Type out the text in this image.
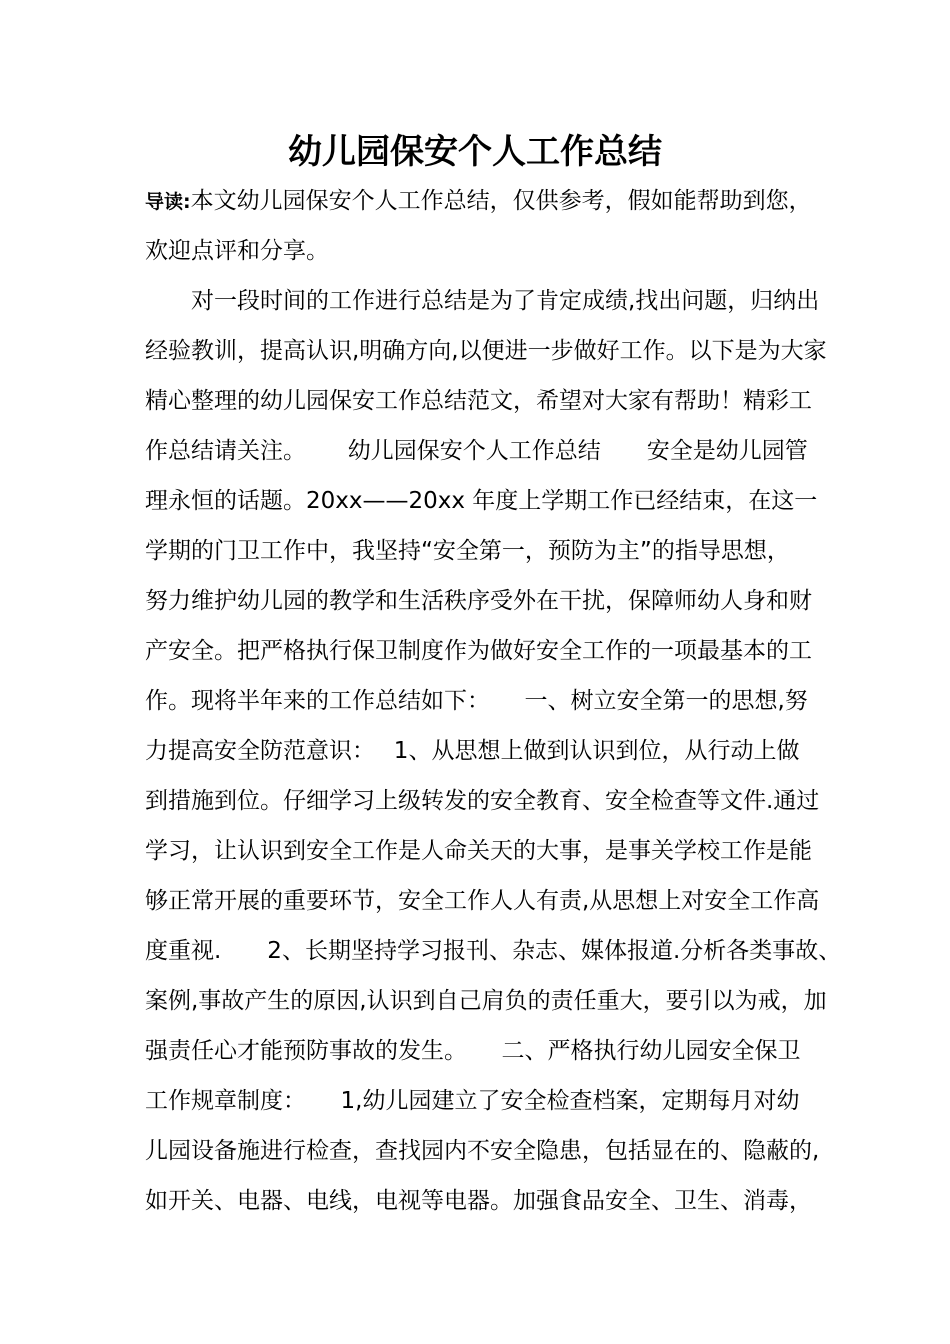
幼儿园保安个人工作总结

导读:本文幼儿园保安个人工作总结，仅供参考，假如能帮助到您，

欢迎点评和分享。

　　对一段时间的工作进行总结是为了肯定成绩,找出问题，归纳出

经验教训，提高认识,明确方向,以便进一步做好工作。以下是为大家

精心整理的幼儿园保安工作总结范文，希望对大家有帮助！精彩工

作总结请关注。　　 幼儿园保安个人工作总结　　安全是幼儿园管

理永恒的话题。20xx——20xx 年度上学期工作已经结束，在这一

学期的门卫工作中，我坚持“安全第一，预防为主”的指导思想，

努力维护幼儿园的教学和生活秩序受外在干扰，保障师幼人身和财

产安全。把严格执行保卫制度作为做好安全工作的一项最基本的工

作。现将半年来的工作总结如下：　　一、树立安全第一的思想,努

力提高安全防范意识：　 1、从思想上做到认识到位，从行动上做

到措施到位。仔细学习上级转发的安全教育、安全检查等文件.通过

学习，让认识到安全工作是人命关天的大事，是事关学校工作是能

够正常开展的重要环节，安全工作人人有责,从思想上对安全工作高

度重视.　　2、长期坚持学习报刊、杂志、媒体报道.分析各类事故、

案例,事故产生的原因,认识到自己肩负的责任重大，要引以为戒，加

强责任心才能预防事故的发生。　　二、严格执行幼儿园安全保卫

工作规章制度：　　1,幼儿园建立了安全检查档案，定期每月对幼

儿园设备施进行检查，查找园内不安全隐患，包括显在的、隐蔽的,

如开关、电器、电线，电视等电器。加强食品安全、卫生、消毒，
